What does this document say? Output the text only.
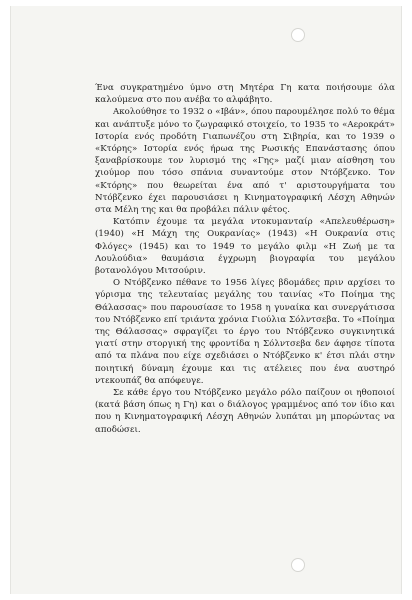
Ένα συγκρατημένο ύμνο στη Μητέρα Γη κατα ποιήσουμε όλα καλούμενα στο που ανέβα το αλφάβητο.

Ακολούθησε το 1932 ο «Ιβάν», όπου παρουμέλησε πολύ το θέμα και ανάπτυξε μόνο το ζωγραφικό στοιχείο, το 1935 το «Αεροκράτ» Ιστορία ενός προδότη Γιαπωνέζου στη Σιβηρία, και το 1939 ο «Κτόρης» Ιστορία ενός ήρωα της Ρωσικής Επανάστασης όπου ξαναβρίσκουμε τον λυρισμό της «Γης» μαζί μιαν αίσθηση του χιούμορ που τόσο σπάνια συναντούμε στον Ντόβζενκο. Τον «Κτόρης» που θεωρείται ένα από τ' αριστουργήματα του Ντόβζενκο έχει παρουσιάσει η Κινηματογραφική Λέσχη Αθηνών στα Μέλη της και θα προβάλει πάλιν φέτος.

Κατόπιν έχουμε τα μεγάλα ντοκυμανταίρ «Απελευθέρωση» (1940) «Η Μάχη της Ουκρανίας» (1943) «Η Ουκρανία στις Φλόγες» (1945) και το 1949 το μεγάλο φιλμ «Η Ζωή με τα Λουλούδια» θαυμάσια έγχρωμη βιογραφία του μεγάλου βοτανολόγου Μιτσούριν.

Ο Ντόβζενκο πέθανε το 1956 λίγες βδομάδες πριν αρχίσει το γύρισμα της τελευταίας μεγάλης του ταινίας «Το Ποίημα της Θάλασσας» που παρουσίασε το 1958 η γυναίκα και συνεργάτισσα του Ντόβζενκο επί τριάντα χρόνια Γιούλια Σόλντσεβα. Το «Ποίημα της Θάλασσας» σφραγίζει το έργο του Ντόβζενκο συγκινητικά γιατί στην στοργική της φροντίδα η Σόλντσεβα δεν άφησε τίποτα από τα πλάνα που είχε σχεδιάσει ο Ντόβζενκο κ' έτσι πλάι στην ποιητική δύναμη έχουμε και τις ατέλειες που ένα αυστηρό ντεκουπάζ θα απόφευγε.

Σε κάθε έργο του Ντόβζενκο μεγάλο ρόλο παίζουν οι ηθοποιοί (κατά βάση όπως η Γη) και ο διάλογος γραμμένος από τον ίδιο και που η Κινηματογραφική Λέσχη Αθηνών λυπάται μη μπορώντας να αποδώσει.
